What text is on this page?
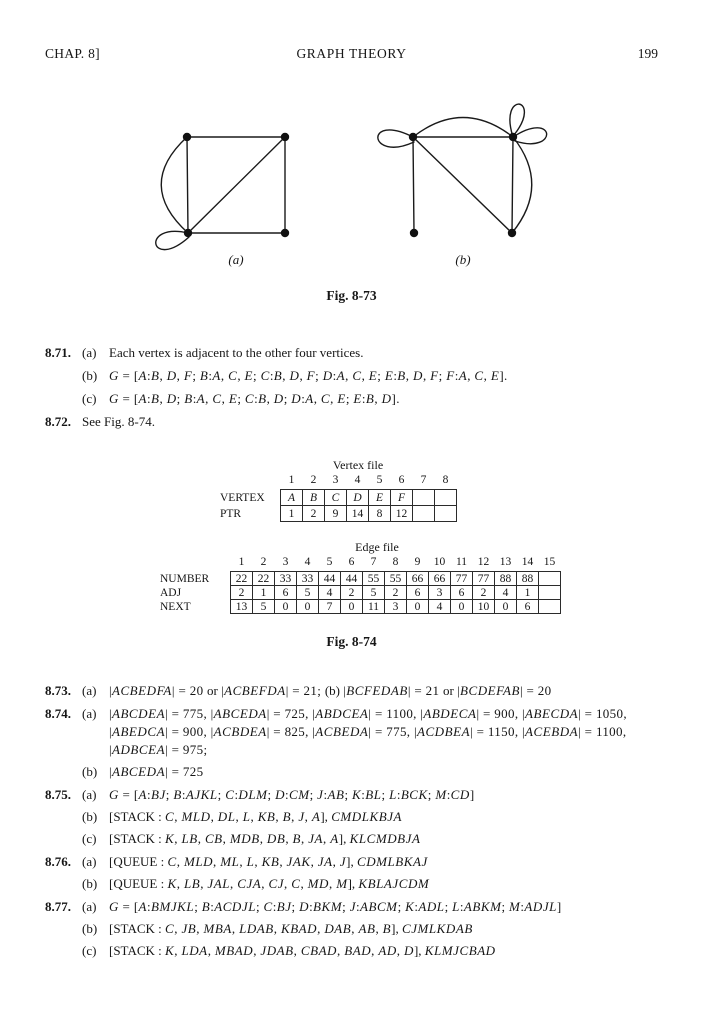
CHAP. 8]	GRAPH THEORY	199
(a)	(b)
Fig. 8-73
8.71. (a) Each vertex is adjacent to the other four vertices.
(b) G = [A:B, D, F; B:A, C, E; C:B, D, F; D:A, C, E; E:B, D, F; F:A, C, E].
(c) G = [A:B, D; B:A, C, E; C:B, D; D:A, C, E; E:B, D].
8.72. See Fig. 8-74.
Vertex file
	1	2	3	4	5	6	7	8
VERTEX	A	B	C	D	E	F		
PTR	1	2	9	14	8	12		
Edge file
	1	2	3	4	5	6	7	8	9	10	11	12	13	14	15
NUMBER	22	22	33	33	44	44	55	55	66	66	77	77	88	88	
ADJ	2	1	6	5	4	2	5	2	6	3	6	2	4	1	
NEXT	13	5	0	0	7	0	11	3	0	4	0	10	0	6	
Fig. 8-74
8.73. (a) |ACBEDFA| = 20 or |ACBEFDA| = 21; (b) |BCFEDAB| = 21 or |BCDEFAB| = 20
8.74. (a) |ABCDEA| = 775, |ABCEDA| = 725, |ABDCEA| = 1100, |ABDECA| = 900, |ABECDA| = 1050, |ABEDCA| = 900, |ACBDEA| = 825, |ACBEDA| = 775, |ACDBEA| = 1150, |ACEBDA| = 1100, |ADBCEA| = 975;
(b) |ABCEDA| = 725
8.75. (a) G = [A:BJ; B:AJKL; C:DLM; D:CM; J:AB; K:BL; L:BCK; M:CD]
(b) [STACK : C, MLD, DL, L, KB, B, J, A], CMDLKBJA
(c) [STACK : K, LB, CB, MDB, DB, B, JA, A], KLCMDBJA
8.76. (a) [QUEUE : C, MLD, ML, L, KB, JAK, JA, J], CDMLBKAJ
(b) [QUEUE : K, LB, JAL, CJA, CJ, C, MD, M], KBLAJCDM
8.77. (a) G = [A:BMJKL; B:ACDJL; C:BJ; D:BKM; J:ABCM; K:ADL; L:ABKM; M:ADJL]
(b) [STACK : C, JB, MBA, LDAB, KBAD, DAB, AB, B], CJMLKDAB
(c) [STACK : K, LDA, MBAD, JDAB, CBAD, BAD, AD, D], KLMJCBAD
